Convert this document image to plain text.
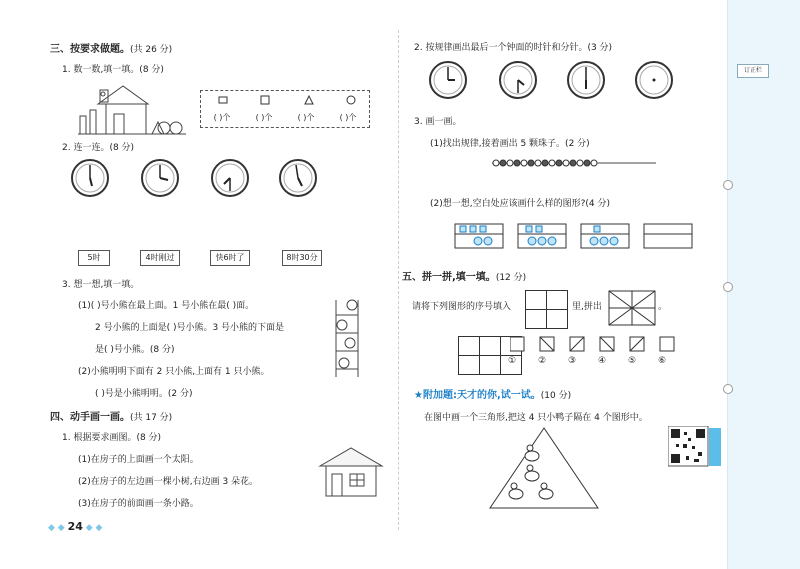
订正栏
三、按要求做题。(共 26 分)
1. 数一数,填一填。(8 分)
( )个	( )个	( )个	( )个
2. 连一连。(8 分)
5时	4时刚过	快6时了	8时30分
3. 想一想,填一填。
(1)( )号小熊在最上面。1 号小熊在最( )面。
2 号小熊的上面是( )号小熊。3 号小熊的下面是
是( )号小熊。(8 分)
(2)小熊明明下面有 2 只小熊,上面有 1 只小熊。
( )号是小熊明明。(2 分)
四、动手画一画。(共 17 分)
1. 根据要求画图。(8 分)
(1)在房子的上面画一个太阳。
(2)在房子的左边画一棵小树,右边画 3 朵花。
(3)在房子的前面画一条小路。
◆ ◆ 24 ◆ ◆
2. 按规律画出最后一个钟面的时针和分针。(3 分)
3. 画一画。
(1)找出规律,接着画出 5 颗珠子。(2 分)
(2)想一想,空白处应该画什么样的图形?(4 分)
五、拼一拼,填一填。(12 分)
请将下列图形的序号填入

		里,拼出	。

①	②	③	④	⑤	⑥
★附加题:天才的你,试一试。(10 分)
在图中画一个三角形,把这 4 只小鸭子隔在 4 个图形中。
